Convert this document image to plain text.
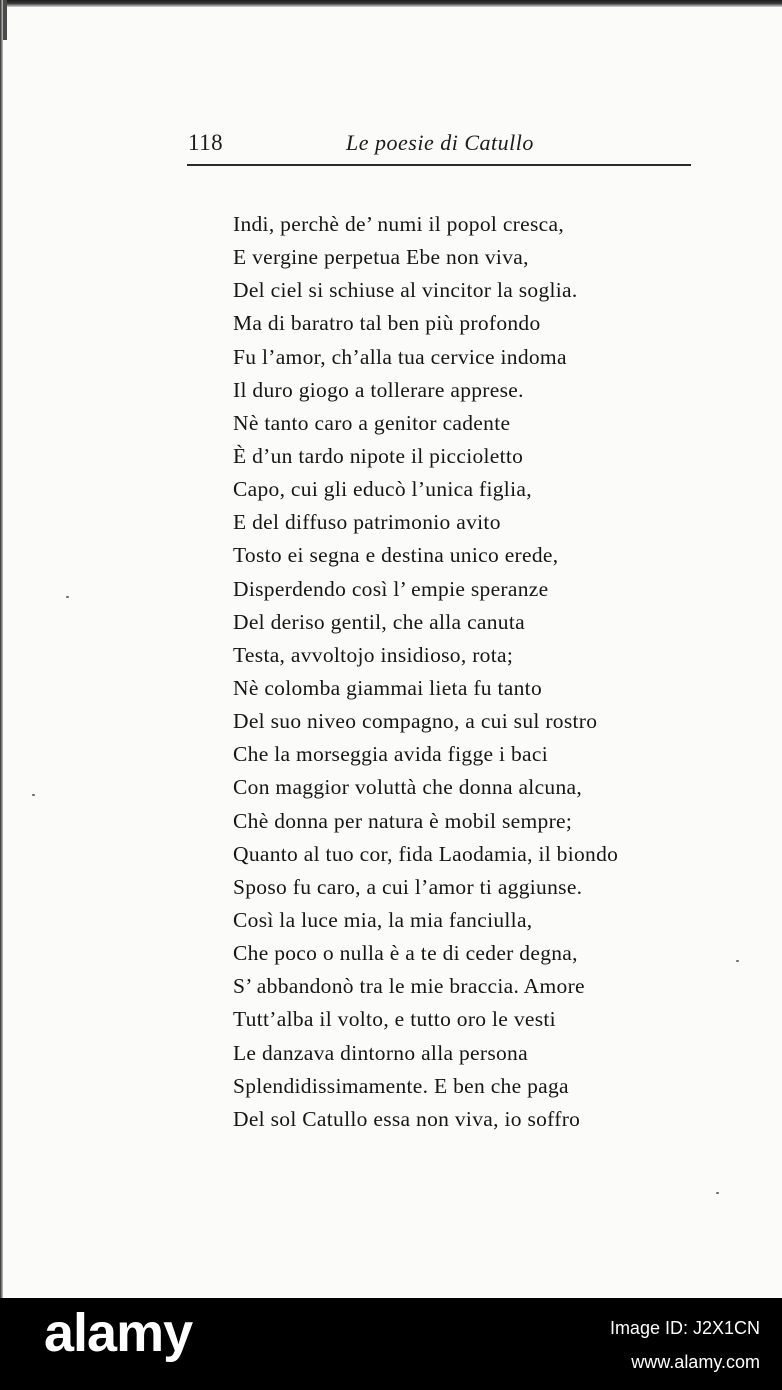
118	Le poesie di Catullo
Indi, perchè de’ numi il popol cresca,
E vergine perpetua Ebe non viva,
Del ciel si schiuse al vincitor la soglia.
Ma di baratro tal ben più profondo
Fu l’amor, ch’alla tua cervice indoma
Il duro giogo a tollerare apprese.
Nè tanto caro a genitor cadente
È d’un tardo nipote il piccioletto
Capo, cui gli educò l’unica figlia,
E del diffuso patrimonio avito
Tosto ei segna e destina unico erede,
Disperdendo così l’ empie speranze
Del deriso gentil, che alla canuta
Testa, avvoltojo insidioso, rota;
Nè colomba giammai lieta fu tanto
Del suo niveo compagno, a cui sul rostro
Che la morseggia avida figge i baci
Con maggior voluttà che donna alcuna,
Chè donna per natura è mobil sempre;
Quanto al tuo cor, fida Laodamia, il biondo
Sposo fu caro, a cui l’amor ti aggiunse.
Così la luce mia, la mia fanciulla,
Che poco o nulla è a te di ceder degna,
S’ abbandonò tra le mie braccia. Amore
Tutt’alba il volto, e tutto oro le vesti
Le danzava dintorno alla persona
Splendidissimamente. E ben che paga
Del sol Catullo essa non viva, io soffro
alamy	Image ID: J2X1CN
www.alamy.com
